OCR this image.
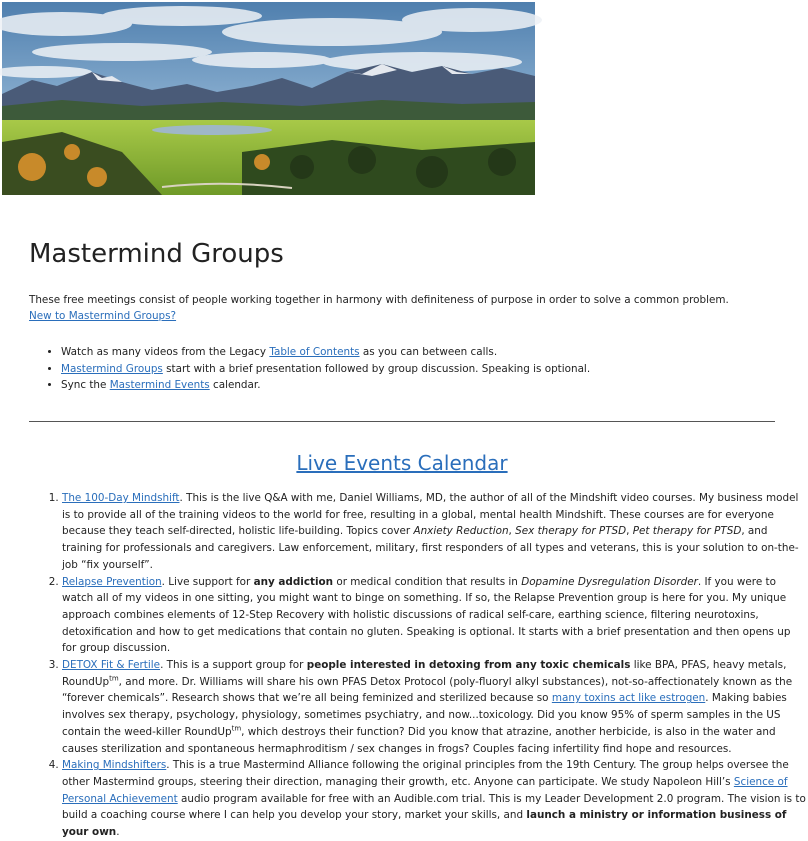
Mastermind Groups

These free meetings consist of people working together in harmony with definiteness of purpose in order to solve a common problem. New to Mastermind Groups?

• Watch as many videos from the Legacy Table of Contents as you can between calls.
• Mastermind Groups start with a brief presentation followed by group discussion. Speaking is optional.
• Sync the Mastermind Events calendar.
Live Events Calendar
1. The 100-Day Mindshift. This is the live Q&A with me, Daniel Williams, MD, the author of all of the Mindshift video courses. My business model is to provide all of the training videos to the world for free, resulting in a global, mental health Mindshift. These courses are for everyone because they teach self-directed, holistic life-building. Topics cover Anxiety Reduction, Sex therapy for PTSD, Pet therapy for PTSD, and training for professionals and caregivers. Law enforcement, military, first responders of all types and veterans, this is your solution to on-the-job “fix yourself”.
2. Relapse Prevention. Live support for any addiction or medical condition that results in Dopamine Dysregulation Disorder. If you were to watch all of my videos in one sitting, you might want to binge on something. If so, the Relapse Prevention group is here for you. My unique approach combines elements of 12-Step Recovery with holistic discussions of radical self-care, earthing science, filtering neurotoxins, detoxification and how to get medications that contain no gluten. Speaking is optional. It starts with a brief presentation and then opens up for group discussion.
3. DETOX Fit & Fertile. This is a support group for people interested in detoxing from any toxic chemicals like BPA, PFAS, heavy metals, RoundUp$^{tm}$, and more. Dr. Williams will share his own PFAS Detox Protocol (poly-fluoryl alkyl substances), not-so-affectionately known as the “forever chemicals”. Research shows that we’re all being feminized and sterilized because so many toxins act like estrogen. Making babies involves sex therapy, psychology, physiology, sometimes psychiatry, and now...toxicology. Did you know 95% of sperm samples in the US contain the weed-killer RoundUp$^{tm}$, which destroys their function? Did you know that atrazine, another herbicide, is also in the water and causes sterilization and spontaneous hermaphroditism / sex changes in frogs? Couples facing infertility find hope and resources.
4. Making Mindshifters. This is a true Mastermind Alliance following the original principles from the 19th Century. The group helps oversee the other Mastermind groups, steering their direction, managing their growth, etc. Anyone can participate. We study Napoleon Hill’s Science of Personal Achievement audio program available for free with an Audible.com trial. This is my Leader Development 2.0 program. The vision is to build a coaching course where I can help you develop your story, market your skills, and launch a ministry or information business of your own.
